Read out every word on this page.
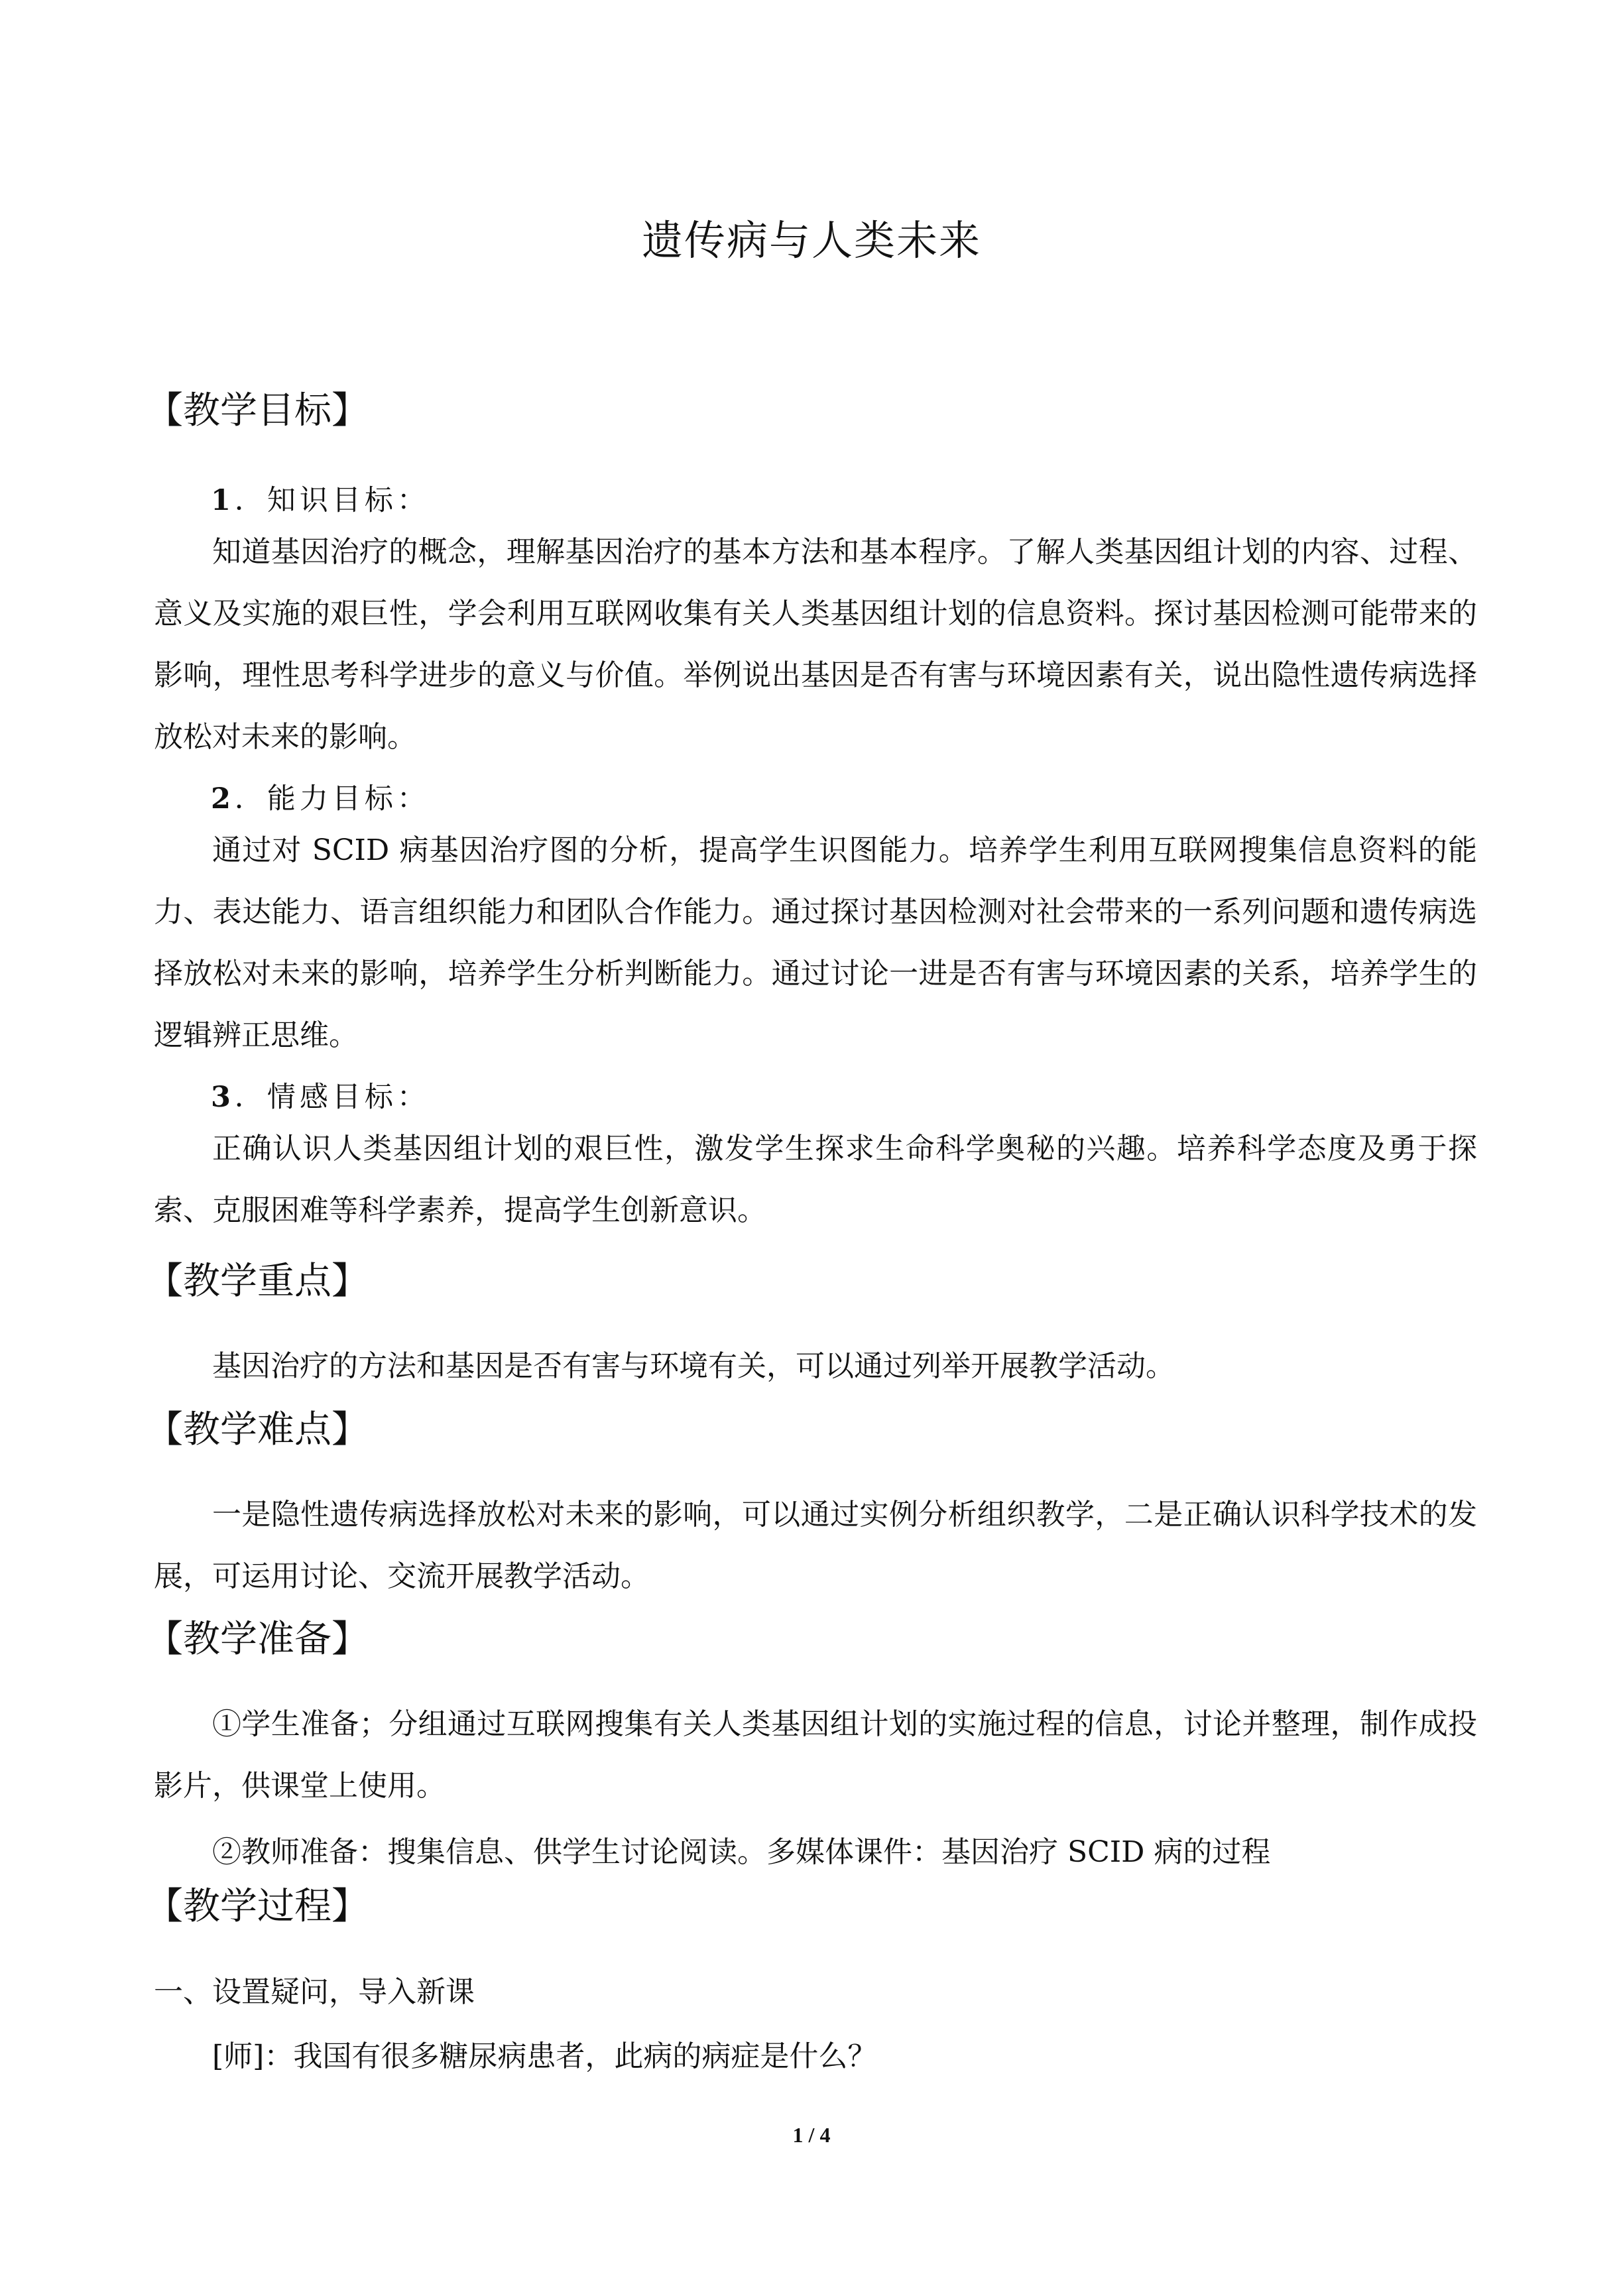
遗传病与人类未来
【教学目标】
1．知识目标：
知道基因治疗的概念，理解基因治疗的基本方法和基本程序。了解人类基因组计划的内容、过程、意义及实施的艰巨性，学会利用互联网收集有关人类基因组计划的信息资料。探讨基因检测可能带来的影响，理性思考科学进步的意义与价值。举例说出基因是否有害与环境因素有关，说出隐性遗传病选择放松对未来的影响。
2．能力目标：
通过对 SCID 病基因治疗图的分析，提高学生识图能力。培养学生利用互联网搜集信息资料的能力、表达能力、语言组织能力和团队合作能力。通过探讨基因检测对社会带来的一系列问题和遗传病选择放松对未来的影响，培养学生分析判断能力。通过讨论一进是否有害与环境因素的关系，培养学生的逻辑辨正思维。
3．情感目标：
正确认识人类基因组计划的艰巨性，激发学生探求生命科学奥秘的兴趣。培养科学态度及勇于探索、克服困难等科学素养，提高学生创新意识。
【教学重点】
基因治疗的方法和基因是否有害与环境有关，可以通过列举开展教学活动。
【教学难点】
一是隐性遗传病选择放松对未来的影响，可以通过实例分析组织教学，二是正确认识科学技术的发展，可运用讨论、交流开展教学活动。
【教学准备】
①学生准备；分组通过互联网搜集有关人类基因组计划的实施过程的信息，讨论并整理，制作成投影片，供课堂上使用。
②教师准备：搜集信息、供学生讨论阅读。多媒体课件：基因治疗 SCID 病的过程
【教学过程】
一、设置疑问，导入新课
[师]：我国有很多糖尿病患者，此病的病症是什么？
1 / 4
